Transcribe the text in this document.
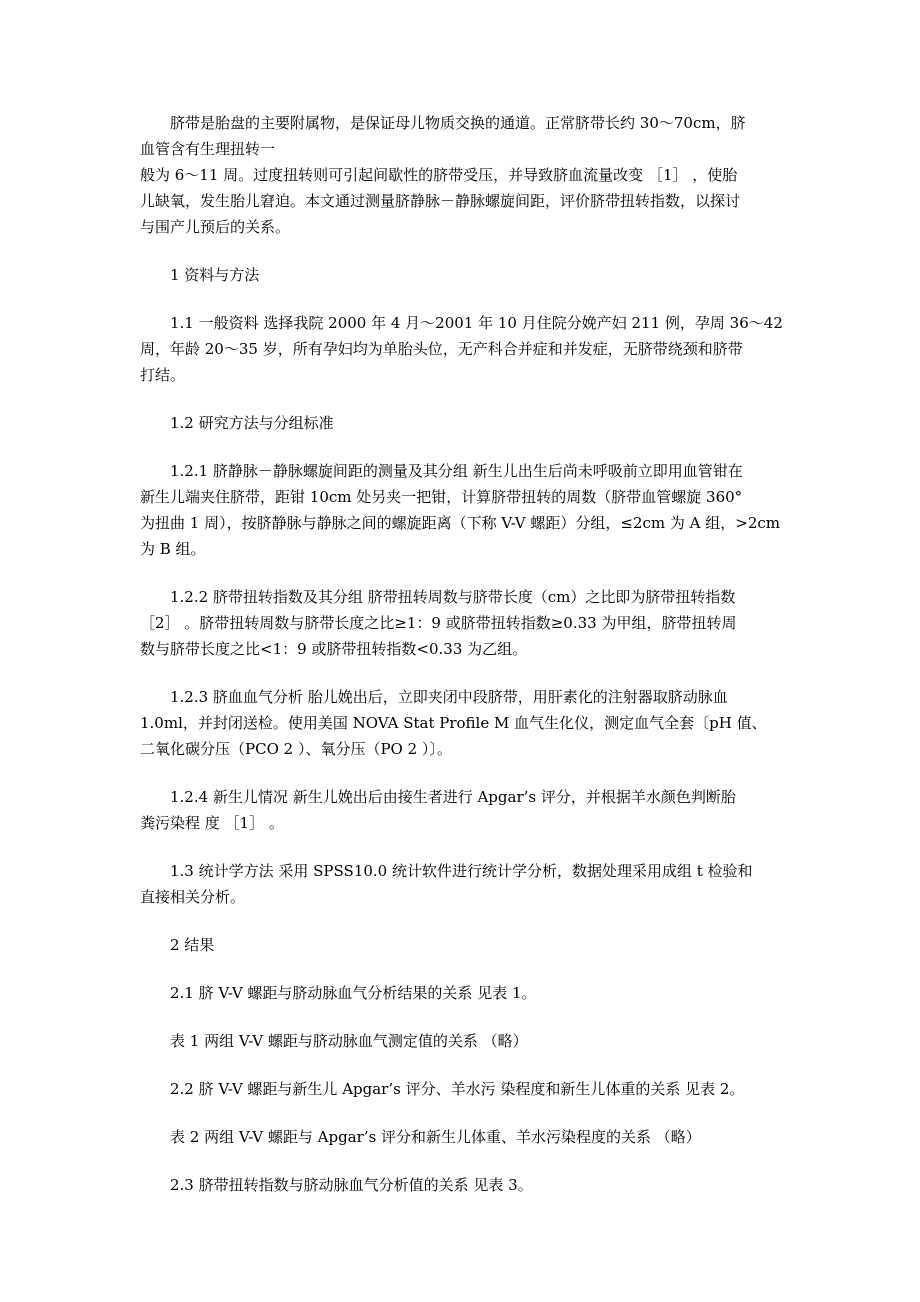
脐带是胎盘的主要附属物，是保证母儿物质交换的通道。正常脐带长约 30～70cm，脐
血管含有生理扭转一
般为 6～11 周。过度扭转则可引起间歇性的脐带受压，并导致脐血流量改变 ［1］ ，使胎
儿缺氧，发生胎儿窘迫。本文通过测量脐静脉－静脉螺旋间距，评价脐带扭转指数，以探讨
与围产儿预后的关系。
1 资料与方法
1.1 一般资料 选择我院 2000 年 4 月～2001 年 10 月住院分娩产妇 211 例，孕周 36～42
周，年龄 20～35 岁，所有孕妇均为单胎头位，无产科合并症和并发症，无脐带绕颈和脐带
打结。
1.2 研究方法与分组标准
1.2.1 脐静脉－静脉螺旋间距的测量及其分组 新生儿出生后尚未呼吸前立即用血管钳在
新生儿端夹住脐带，距钳 10cm 处另夹一把钳，计算脐带扭转的周数（脐带血管螺旋 360°
为扭曲 1 周），按脐静脉与静脉之间的螺旋距离（下称 V-V 螺距）分组，≤2cm 为 A 组，>2cm
为 B 组。
1.2.2 脐带扭转指数及其分组 脐带扭转周数与脐带长度（cm）之比即为脐带扭转指数
［2］ 。脐带扭转周数与脐带长度之比≥1：9 或脐带扭转指数≥0.33 为甲组，脐带扭转周
数与脐带长度之比<1：9 或脐带扭转指数<0.33 为乙组。
1.2.3 脐血血气分析 胎儿娩出后，立即夹闭中段脐带，用肝素化的注射器取脐动脉血
1.0ml，并封闭送检。使用美国 NOVA Stat Profile M 血气生化仪，测定血气全套〔pH 值、
二氧化碳分压（PCO 2 ）、氧分压（PO 2 ）〕。
1.2.4 新生儿情况 新生儿娩出后由接生者进行 Apgar’s 评分，并根据羊水颜色判断胎
粪污染程 度 ［1］ 。
1.3 统计学方法 采用 SPSS10.0 统计软件进行统计学分析，数据处理采用成组 t 检验和
直接相关分析。
2 结果
2.1 脐 V-V 螺距与脐动脉血气分析结果的关系 见表 1。
表 1 两组 V-V 螺距与脐动脉血气测定值的关系 （略）
2.2 脐 V-V 螺距与新生儿 Apgar’s 评分、羊水污 染程度和新生儿体重的关系 见表 2。
表 2 两组 V-V 螺距与 Apgar’s 评分和新生儿体重、羊水污染程度的关系 （略）
2.3 脐带扭转指数与脐动脉血气分析值的关系 见表 3。
